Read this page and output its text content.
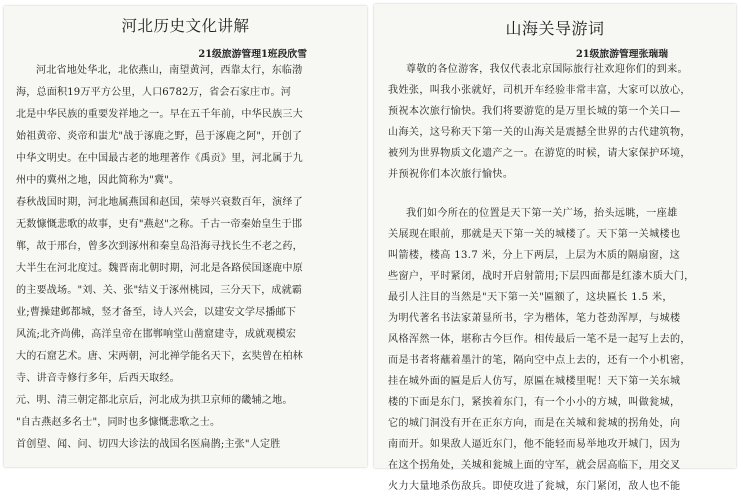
河北历史文化讲解
21级旅游管理1班段欣雪
河北省地处华北，北依燕山，南望黄河，西靠太行，东临渤
海，总面积19万平方公里，人口6782万，省会石家庄市。河
北是中华民族的重要发祥地之一。早在五千年前，中华民族三大
始祖黄帝、炎帝和蚩尤"战于涿鹿之野，邑于涿鹿之阿"，开创了
中华文明史。在中国最古老的地理著作《禹贡》里，河北属于九
州中的冀州之地，因此简称为"冀"。
春秋战国时期，河北地属燕国和赵国，荣辱兴衰数百年，演绎了
无数慷慨悲歌的故事，史有"燕赵"之称。千古一帝秦始皇生于邯
郸，故于邢台，曾多次到涿州和秦皇岛沿海寻找长生不老之药，
大半生在河北度过。魏晋南北朝时期，河北是各路侯国逐鹿中原
的主要战场。"刘、关、张"结义于涿州桃园，三分天下，成就霸
业;曹操建邺都城，竖才备至，诗人兴会，以建安文学尽播邮下
风流;北齐尚佛，高洋皇帝在邯郸响堂山凿窟建寺，成就观模宏
大的石窟艺术。唐、宋两朝，河北禅学能名天下，玄奘曾在柏林
寺、讲音寺修行多年，后西天取经。
元、明、清三朝定都北京后，河北成为拱卫京师的畿辅之地。
"自古燕赵多名士"，同时也多慷慨悲歌之士。
首创望、闻、问、切四大诊法的战国名医扁鹊;主张"人定胜
山海关导游词
21级旅游管理张瑞瑞
尊敬的各位游客，我仅代表北京国际旅行社欢迎你们的到来。
我姓张，叫我小张就好，司机开车经验非常丰富，大家可以放心，
预祝本次旅行愉快。我们将要游览的是万里长城的第一个关口—
山海关，这号称天下第一关的山海关是震撼全世界的古代建筑物，
被列为世界物质文化遗产之一。在游览的时候，请大家保护环境，
并预祝你们本次旅行愉快。
我们如今所在的位置是天下第一关广场，抬头远眺，一座雄
关展现在眼前，那就是天下第一关的城楼了。天下第一关城楼也
叫箭楼，楼高 13.7 米，分上下两层，上层为木质的隔扇窗，这
些窗户，平时紧闭，战时开启射箭用;下层四面都是红漆木质大门，
最引人注目的当然是"天下第一关"匾额了，这块匾长 1.5 米，
为明代著名书法家萧显所书，字为楷体，笔力苍劲浑厚，与城楼
风格浑然一体，堪称古今巨作。相传最后一笔不是一起写上去的，
而是书者将蘸着墨汁的笔，隔向空中点上去的，还有一个小机密，
挂在城外面的匾是后人仿写，原匾在城楼里呢！天下第一关东城
楼的下面是东门，紧挨着东门，有一个小小的方城，叫做瓮城，
它的城门洞没有开在正东方向，而是在关城和瓮城的拐角处，向
南而开。如果敌人逼近东门，他不能轻而易举地攻开城门，因为
在这个拐角处，关城和瓮城上面的守军，就会居高临下，用交叉
火力大量地杀伤敌兵。即使攻进了瓮城，东门紧闭，敌人也不能
